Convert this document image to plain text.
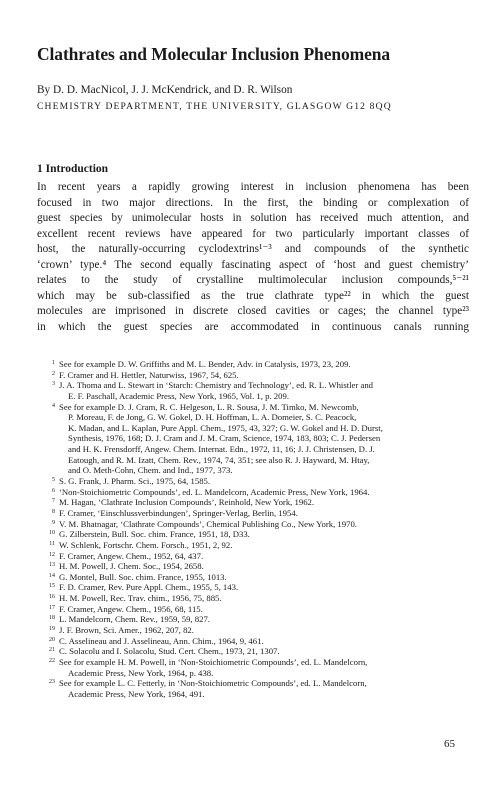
Clathrates and Molecular Inclusion Phenomena
By D. D. MacNicol, J. J. McKendrick, and D. R. Wilson
CHEMISTRY DEPARTMENT, THE UNIVERSITY, GLASGOW G12 8QQ
1 Introduction
In recent years a rapidly growing interest in inclusion phenomena has been
focused in two major directions. In the first, the binding or complexation of
guest species by unimolecular hosts in solution has received much attention, and
excellent recent reviews have appeared for two particularly important classes of
host, the naturally-occurring cyclodextrins¹⁻³ and compounds of the synthetic
‘crown’ type.⁴ The second equally fascinating aspect of ‘host and guest chemistry’
relates to the study of crystalline multimolecular inclusion compounds,⁵⁻²¹
which may be sub-classified as the true clathrate type²² in which the guest
molecules are imprisoned in discrete closed cavities or cages; the channel type²³
in which the guest species are accommodated in continuous canals running
1 See for example D. W. Griffiths and M. L. Bender, Adv. in Catalysis, 1973, 23, 209.
2 F. Cramer and H. Hettler, Naturwiss, 1967, 54, 625.
3 J. A. Thoma and L. Stewart in ‘Starch: Chemistry and Technology’, ed. R. L. Whistler and
E. F. Paschall, Academic Press, New York, 1965, Vol. 1, p. 209.
4 See for example D. J. Cram, R. C. Helgeson, L. R. Sousa, J. M. Timko, M. Newcomb,
P. Moreau, F. de Jong, G. W. Gokel, D. H. Hoffman, L. A. Domeier, S. C. Peacock,
K. Madan, and L. Kaplan, Pure Appl. Chem., 1975, 43, 327; G. W. Gokel and H. D. Durst,
Synthesis, 1976, 168; D. J. Cram and J. M. Cram, Science, 1974, 183, 803; C. J. Pedersen
and H. K. Frensdorff, Angew. Chem. Internat. Edn., 1972, 11, 16; J. J. Christensen, D. J.
Eatough, and R. M. Izatt, Chem. Rev., 1974, 74, 351; see also R. J. Hayward, M. Htay,
and O. Meth-Cohn, Chem. and Ind., 1977, 373.
5 S. G. Frank, J. Pharm. Sci., 1975, 64, 1585.
6 ‘Non-Stoichiometric Compounds’, ed. L. Mandelcorn, Academic Press, New York, 1964.
7 M. Hagan, ‘Clathrate Inclusion Compounds’, Reinhold, New York, 1962.
8 F. Cramer, ‘Einschlussverbindungen’, Springer-Verlag, Berlin, 1954.
9 V. M. Bhatnagar, ‘Clathrate Compounds’, Chemical Publishing Co., New York, 1970.
10 G. Zilberstein, Bull. Soc. chim. France, 1951, 18, D33.
11 W. Schlenk, Fortschr. Chem. Forsch., 1951, 2, 92.
12 F. Cramer, Angew. Chem., 1952, 64, 437.
13 H. M. Powell, J. Chem. Soc., 1954, 2658.
14 G. Montel, Bull. Soc. chim. France, 1955, 1013.
15 F. D. Cramer, Rev. Pure Appl. Chem., 1955, 5, 143.
16 H. M. Powell, Rec. Trav. chim., 1956, 75, 885.
17 F. Cramer, Angew. Chem., 1956, 68, 115.
18 L. Mandelcorn, Chem. Rev., 1959, 59, 827.
19 J. F. Brown, Sci. Amer., 1962, 207, 82.
20 C. Asselineau and J. Asselineau, Ann. Chim., 1964, 9, 461.
21 C. Solacolu and I. Solacolu, Stud. Cert. Chem., 1973, 21, 1307.
22 See for example H. M. Powell, in ‘Non-Stoichiometric Compounds’, ed. L. Mandelcorn,
Academic Press, New York, 1964, p. 438.
23 See for example L. C. Fetterly, in ‘Non-Stoichiometric Compounds’, ed. L. Mandelcorn,
Academic Press, New York, 1964, 491.
65
